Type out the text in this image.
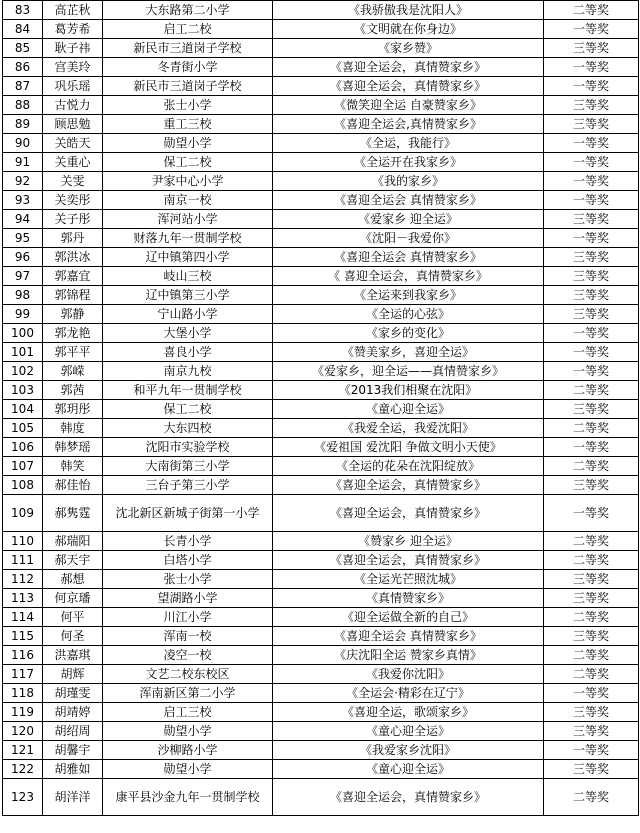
83	高芷秋	大东路第二小学	《我骄傲我是沈阳人》	二等奖
84	葛芳希	启工二校	《文明就在你身边》	一等奖
85	耿子祎	新民市三道岗子学校	《家乡赞》	三等奖
86	宫美玲	冬青街小学	《喜迎全运会，真情赞家乡》	一等奖
87	巩乐瑶	新民市三道岗子学校	《喜迎全运会，真情赞家乡》	一等奖
88	古悦力	张士小学	《微笑迎全运 自豪赞家乡》	三等奖
89	顾思勉	重工三校	《喜迎全运会,真情赞家乡》	三等奖
90	关皓天	勋望小学	《全运，我能行》	一等奖
91	关重心	保工二校	《全运开在我家乡》	一等奖
92	关雯	尹家中心小学	《我的家乡》	一等奖
93	关奕彤	南京一校	《喜迎全运会 真情赞家乡》	一等奖
94	关子彤	浑河站小学	《爱家乡 迎全运》	三等奖
95	郭丹	财落九年一贯制学校	《沈阳－我爱你》	一等奖
96	郭洪冰	辽中镇第四小学	《喜迎全运会 真情赞家乡》	三等奖
97	郭嘉宜	岐山三校	《 喜迎全运会，真情赞家乡》	三等奖
98	郭锦程	辽中镇第三小学	《全运来到我家乡》	三等奖
99	郭静	宁山路小学	《全运的心弦》	三等奖
100	郭龙艳	大堡小学	《家乡的变化》	一等奖
101	郭平平	喜良小学	《赞美家乡，喜迎全运》	一等奖
102	郭嵘	南京九校	《爱家乡，迎全运——真情赞家乡》	一等奖
103	郭茜	和平九年一贯制学校	《2013我们相聚在沈阳》	二等奖
104	郭玥彤	保工二校	《童心迎全运》	三等奖
105	韩度	大东四校	《我爱全运，我爱沈阳》	二等奖
106	韩梦瑶	沈阳市实验学校	《爱祖国 爱沈阳 争做文明小天使》	一等奖
107	韩笑	大南街第三小学	《全运的花朵在沈阳绽放》	二等奖
108	郝佳怡	三台子第三小学	《喜迎全运会，真情赞家乡》	三等奖
109	郝隽霆	沈北新区新城子街第一小学	《喜迎全运会，真情赞家乡》	一等奖
110	郝瑞阳	长青小学	《赞家乡 迎全运》	二等奖
111	郝天宇	白塔小学	《喜迎全运会，真情赞家乡》	二等奖
112	郝想	张士小学	《全运光芒照沈城》	三等奖
113	何京璠	望湖路小学	《真情赞家乡》	三等奖
114	何平	川江小学	《迎全运做全新的自己》	二等奖
115	何圣	浑南一校	《喜迎全运会 真情赞家乡》	三等奖
116	洪嘉琪	凌空一校	《庆沈阳全运 赞家乡真情》	二等奖
117	胡辉	文艺二校东校区	《我爱你沈阳》	二等奖
118	胡瑾雯	浑南新区第二小学	《全运会·精彩在辽宁》	一等奖
119	胡靖婷	启工三校	《喜迎全运，歌颂家乡》	三等奖
120	胡绍周	勋望小学	《童心迎全运》	三等奖
121	胡馨宇	沙柳路小学	《我爱家乡沈阳》	一等奖
122	胡雅如	勋望小学	《童心迎全运》	三等奖
123	胡洋洋	康平县沙金九年一贯制学校	《喜迎全运会，真情赞家乡》	二等奖
